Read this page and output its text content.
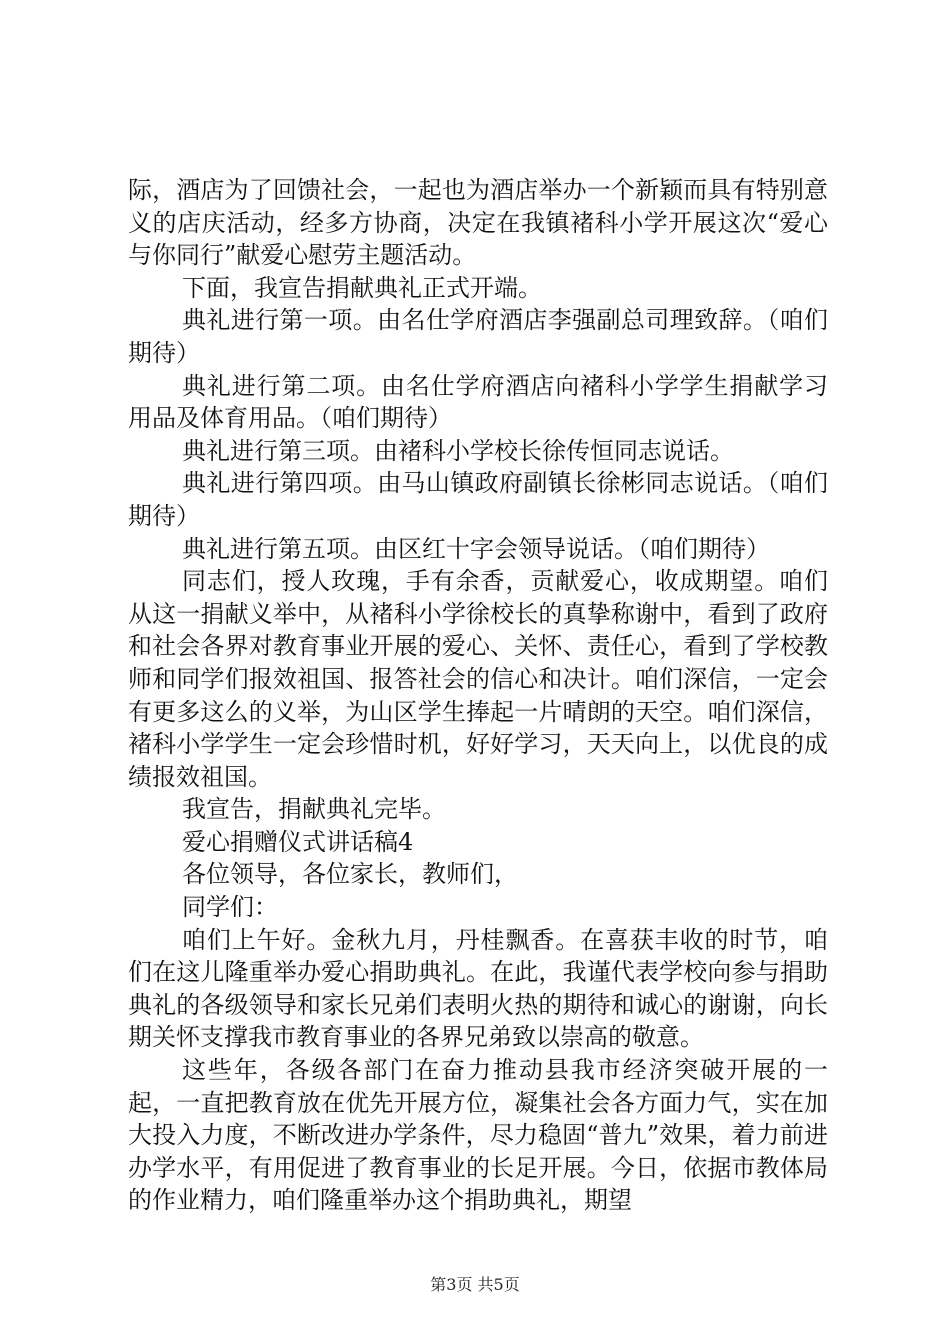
际，酒店为了回馈社会，一起也为酒店举办一个新颖而具有特别意义的店庆活动，经多方协商，决定在我镇褚科小学开展这次“爱心与你同行”献爱心慰劳主题活动。

下面，我宣告捐献典礼正式开端。

典礼进行第一项。由名仕学府酒店李强副总司理致辞。（咱们期待）

典礼进行第二项。由名仕学府酒店向褚科小学学生捐献学习用品及体育用品。（咱们期待）

典礼进行第三项。由褚科小学校长徐传恒同志说话。

典礼进行第四项。由马山镇政府副镇长徐彬同志说话。（咱们期待）

典礼进行第五项。由区红十字会领导说话。（咱们期待）

同志们，授人玫瑰，手有余香，贡献爱心，收成期望。咱们从这一捐献义举中，从褚科小学徐校长的真挚称谢中，看到了政府和社会各界对教育事业开展的爱心、关怀、责任心，看到了学校教师和同学们报效祖国、报答社会的信心和决计。咱们深信，一定会有更多这么的义举，为山区学生捧起一片晴朗的天空。咱们深信，褚科小学学生一定会珍惜时机，好好学习，天天向上，以优良的成绩报效祖国。

我宣告，捐献典礼完毕。

爱心捐赠仪式讲话稿4

各位领导，各位家长，教师们，

同学们：

咱们上午好。金秋九月，丹桂飘香。在喜获丰收的时节，咱们在这儿隆重举办爱心捐助典礼。在此，我谨代表学校向参与捐助典礼的各级领导和家长兄弟们表明火热的期待和诚心的谢谢，向长期关怀支撑我市教育事业的各界兄弟致以崇高的敬意。

这些年，各级各部门在奋力推动县我市经济突破开展的一起，一直把教育放在优先开展方位，凝集社会各方面力气，实在加大投入力度，不断改进办学条件，尽力稳固“普九”效果，着力前进办学水平，有用促进了教育事业的长足开展。今日，依据市教体局的作业精力，咱们隆重举办这个捐助典礼，期望

第3页 共5页
